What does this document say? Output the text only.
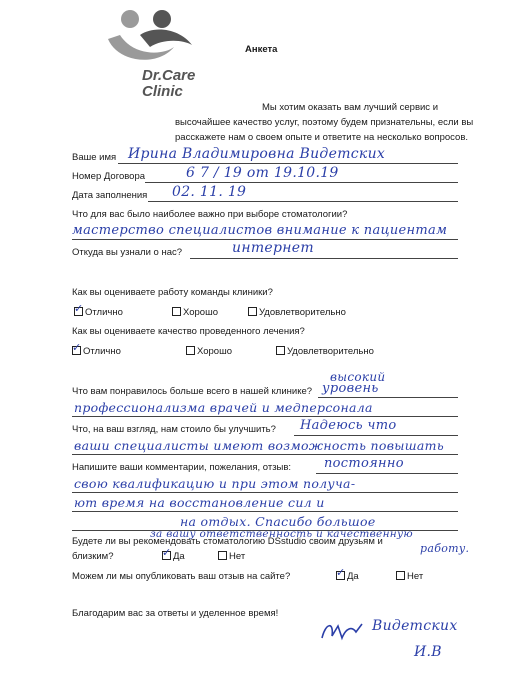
Dr.Care
Clinic
Анкета
Мы хотим оказать вам лучший сервис и
высочайшее качество услуг, поэтому будем признательны, если вы
расскажете нам о своем опыте и ответите на несколько вопросов.
Ваше имя Ирина Владимировна Видетских
Номер Договора	6 7 / 19 от 19.10.19
Дата заполнения 02. 11. 19
Что для вас было наиболее важно при выборе стоматологии?
мастерство специалистов внимание к пациентам
Откуда вы узнали о нас?	интернет
Как вы оцениваете работу команды клиники?
✓ Отлично	Хорошо	Удовлетворительно
Как вы оцениваете качество проведенного лечения?
✓ Отлично	Хорошо	Удовлетворительно
высокий
Что вам понравилось больше всего в нашей клинике? уровень
профессионализма врачей и медперсонала
Что, на ваш взгляд, нам стоило бы улучшить? Надеюсь что
ваши специалисты имеют возможность повышать
Напишите ваши комментарии, пожелания, отзыв:	постоянно
свою квалификацию и при этом получа-
ют время на восстановление сил и
на отдых. Спасибо большое
за вашу ответственность и качественную
работу.
Будете ли вы рекомендовать стоматологию DSstudio своим друзьям и
близким?	✓ Да	Нет
Можем ли мы опубликовать ваш отзыв на сайте?	✓ Да	Нет
Благодарим вас за ответы и уделенное время!
Видетских
И.В
